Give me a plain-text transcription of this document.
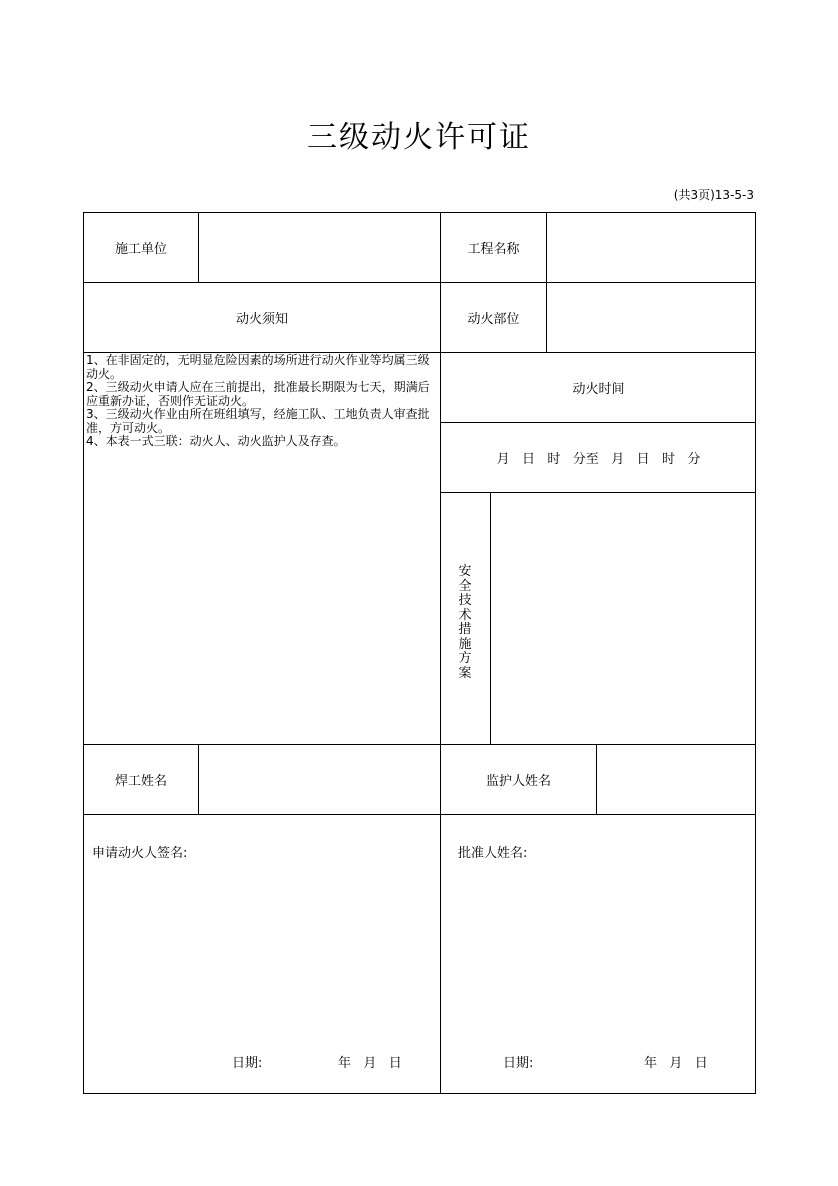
三级动火许可证
(共3页)13-5-3
施工单位	工程名称
动火须知	动火部位
1、在非固定的，无明显危险因素的场所进行动火作业等均属三级动火。
2、三级动火申请人应在三前提出，批准最长期限为七天，期满后应重新办证，否则作无证动火。
3、三级动火作业由所在班组填写，经施工队、工地负责人审查批准，方可动火。
4、本表一式三联：动火人、动火监护人及存查。
动火时间
月   日   时   分至   月   日   时   分
安
全
技
术
措
施
方
案
焊工姓名	监护人姓名
申请动火人签名:	批准人姓名:
日期:	年   月   日	日期:	年   月   日
